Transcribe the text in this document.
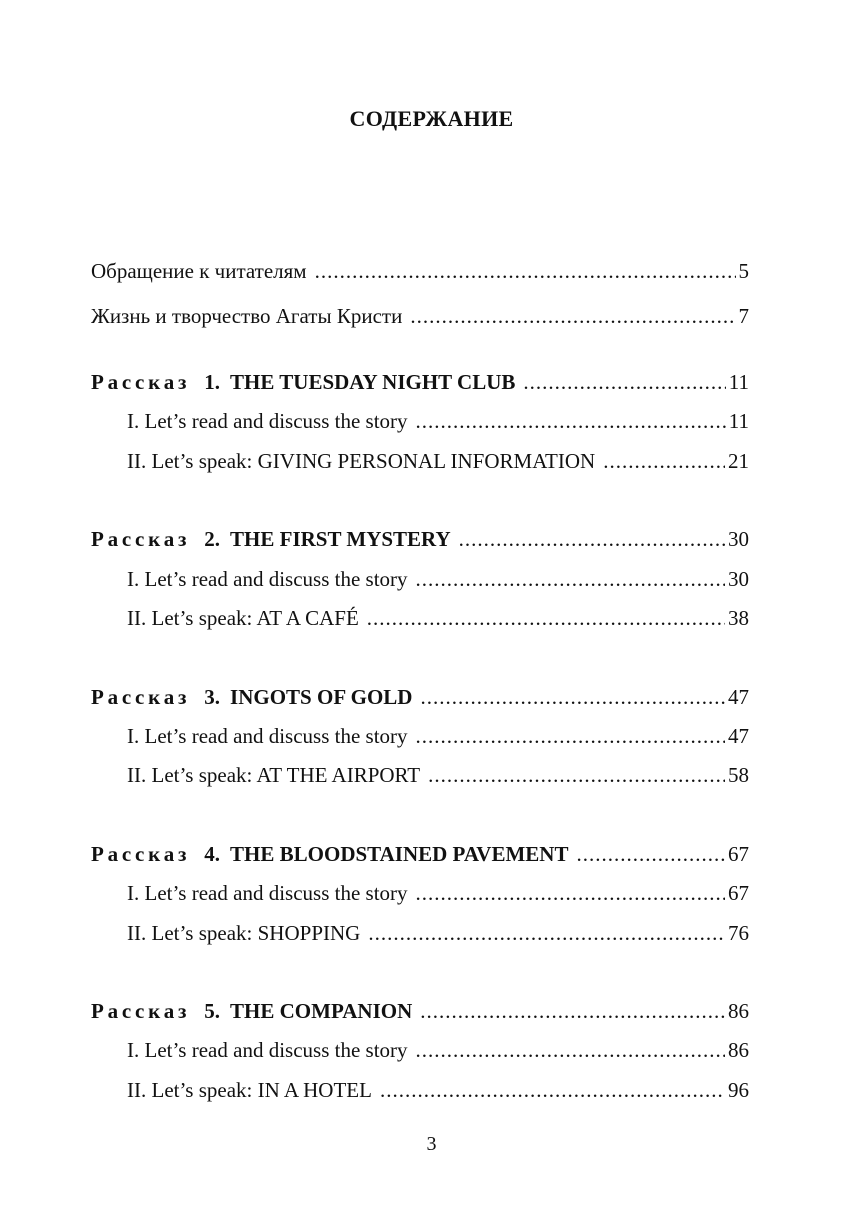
СОДЕРЖАНИЕ
Обращение к читателям .....	5
Жизнь и творчество Агаты Кристи .....	7
Рассказ 1. THE TUESDAY NIGHT CLUB .....	11
I. Let’s read and discuss the story .....	11
II. Let’s speak: GIVING PERSONAL INFORMATION .....	21
Рассказ 2. THE FIRST MYSTERY .....	30
I. Let’s read and discuss the story .....	30
II. Let’s speak: AT A CAFÉ .....	38
Рассказ 3. INGOTS OF GOLD .....	47
I. Let’s read and discuss the story .....	47
II. Let’s speak: AT THE AIRPORT .....	58
Рассказ 4. THE BLOODSTAINED PAVEMENT .....	67
I. Let’s read and discuss the story .....	67
II. Let’s speak: SHOPPING .....	76
Рассказ 5. THE COMPANION .....	86
I. Let’s read and discuss the story .....	86
II. Let’s speak: IN A HOTEL .....	96
3
